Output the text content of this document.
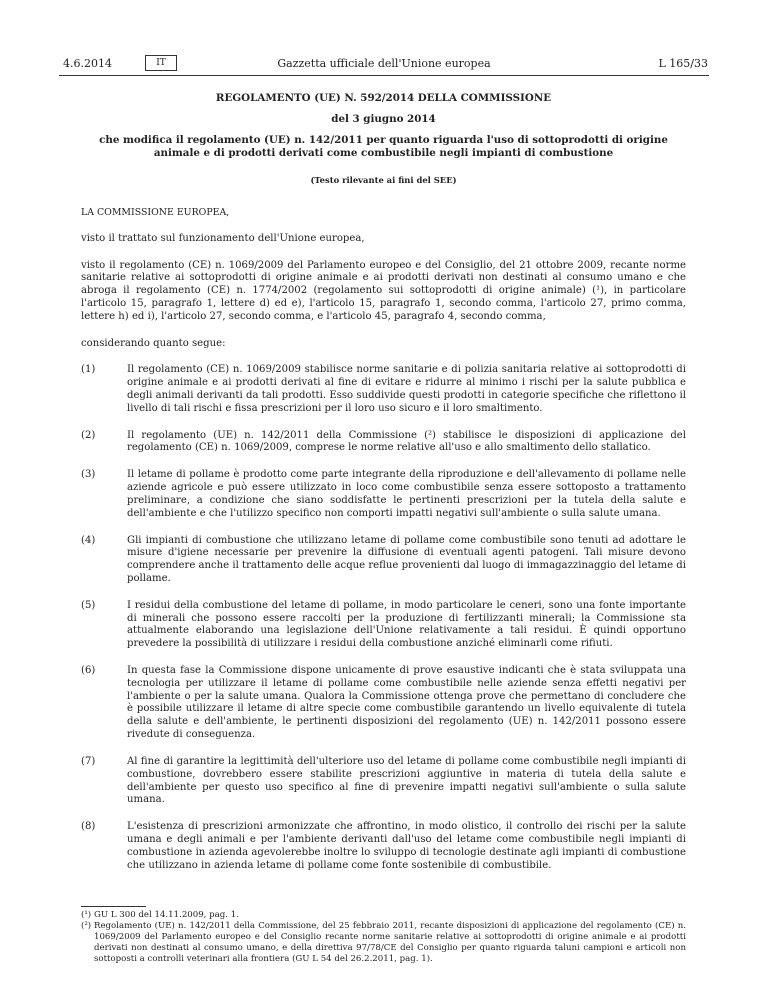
4.6.2014	IT	Gazzetta ufficiale dell'Unione europea	L 165/33

REGOLAMENTO (UE) N. 592/2014 DELLA COMMISSIONE

del 3 giugno 2014

che modifica il regolamento (UE) n. 142/2011 per quanto riguarda l'uso di sottoprodotti di origine animale e di prodotti derivati come combustibile negli impianti di combustione

(Testo rilevante ai fini del SEE)

LA COMMISSIONE EUROPEA,

visto il trattato sul funzionamento dell'Unione europea,

visto il regolamento (CE) n. 1069/2009 del Parlamento europeo e del Consiglio, del 21 ottobre 2009, recante norme sanitarie relative ai sottoprodotti di origine animale e ai prodotti derivati non destinati al consumo umano e che abroga il regolamento (CE) n. 1774/2002 (regolamento sui sottoprodotti di origine animale) (¹), in particolare l'articolo 15, paragrafo 1, lettere d) ed e), l'articolo 15, paragrafo 1, secondo comma, l'articolo 27, primo comma, lettere h) ed i), l'articolo 27, secondo comma, e l'articolo 45, paragrafo 4, secondo comma,

considerando quanto segue:

(1)	Il regolamento (CE) n. 1069/2009 stabilisce norme sanitarie e di polizia sanitaria relative ai sottoprodotti di origine animale e ai prodotti derivati al fine di evitare e ridurre al minimo i rischi per la salute pubblica e degli animali derivanti da tali prodotti. Esso suddivide questi prodotti in categorie specifiche che riflettono il livello di tali rischi e fissa prescrizioni per il loro uso sicuro e il loro smaltimento.
(2)	Il regolamento (UE) n. 142/2011 della Commissione (²) stabilisce le disposizioni di applicazione del regolamento (CE) n. 1069/2009, comprese le norme relative all'uso e allo smaltimento dello stallatico.
(3)	Il letame di pollame è prodotto come parte integrante della riproduzione e dell'allevamento di pollame nelle aziende agricole e può essere utilizzato in loco come combustibile senza essere sottoposto a trattamento preliminare, a condizione che siano soddisfatte le pertinenti prescrizioni per la tutela della salute e dell'ambiente e che l'utilizzo specifico non comporti impatti negativi sull'ambiente o sulla salute umana.
(4)	Gli impianti di combustione che utilizzano letame di pollame come combustibile sono tenuti ad adottare le misure d'igiene necessarie per prevenire la diffusione di eventuali agenti patogeni. Tali misure devono comprendere anche il trattamento delle acque reflue provenienti dal luogo di immagazzinaggio del letame di pollame.
(5)	I residui della combustione del letame di pollame, in modo particolare le ceneri, sono una fonte importante di minerali che possono essere raccolti per la produzione di fertilizzanti minerali; la Commissione sta attualmente elaborando una legislazione dell'Unione relativamente a tali residui. È quindi opportuno prevedere la possibilità di utilizzare i residui della combustione anziché eliminarli come rifiuti.
(6)	In questa fase la Commissione dispone unicamente di prove esaustive indicanti che è stata sviluppata una tecnologia per utilizzare il letame di pollame come combustibile nelle aziende senza effetti negativi per l'ambiente o per la salute umana. Qualora la Commissione ottenga prove che permettano di concludere che è possibile utilizzare il letame di altre specie come combustibile garantendo un livello equivalente di tutela della salute e dell'ambiente, le pertinenti disposizioni del regolamento (UE) n. 142/2011 possono essere rivedute di conseguenza.
(7)	Al fine di garantire la legittimità dell'ulteriore uso del letame di pollame come combustibile negli impianti di combustione, dovrebbero essere stabilite prescrizioni aggiuntive in materia di tutela della salute e dell'ambiente per questo uso specifico al fine di prevenire impatti negativi sull'ambiente o sulla salute umana.
(8)	L'esistenza di prescrizioni armonizzate che affrontino, in modo olistico, il controllo dei rischi per la salute umana e degli animali e per l'ambiente derivanti dall'uso del letame come combustibile negli impianti di combustione in azienda agevolerebbe inoltre lo sviluppo di tecnologie destinate agli impianti di combustione che utilizzano in azienda letame di pollame come fonte sostenibile di combustibile.
(¹) GU L 300 del 14.11.2009, pag. 1.
(²) Regolamento (UE) n. 142/2011 della Commissione, del 25 febbraio 2011, recante disposizioni di applicazione del regolamento (CE) n. 1069/2009 del Parlamento europeo e del Consiglio recante norme sanitarie relative ai sottoprodotti di origine animale e ai prodotti derivati non destinati al consumo umano, e della direttiva 97/78/CE del Consiglio per quanto riguarda taluni campioni e articoli non sottoposti a controlli veterinari alla frontiera (GU L 54 del 26.2.2011, pag. 1).
